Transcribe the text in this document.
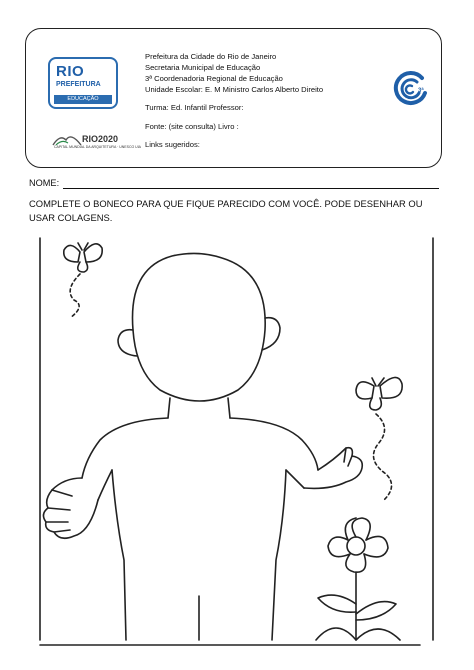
RIO
PREFEITURA
EDUCAÇÃO
RIO2020
CAPITAL MUNDIAL DA ARQUITETURA · UNESCO UIA
3ª
Prefeitura da Cidade do Rio de Janeiro
Secretaria Municipal de Educação
3ª Coordenadoria Regional de Educação
Unidade Escolar: E. M Ministro Carlos Alberto Direito
Turma: Ed. Infantil Professor:
Fonte: (site consulta) Livro :
Links sugeridos:
NOME:
COMPLETE O BONECO PARA QUE FIQUE PARECIDO COM VOCÊ. PODE DESENHAR OU USAR COLAGENS.
